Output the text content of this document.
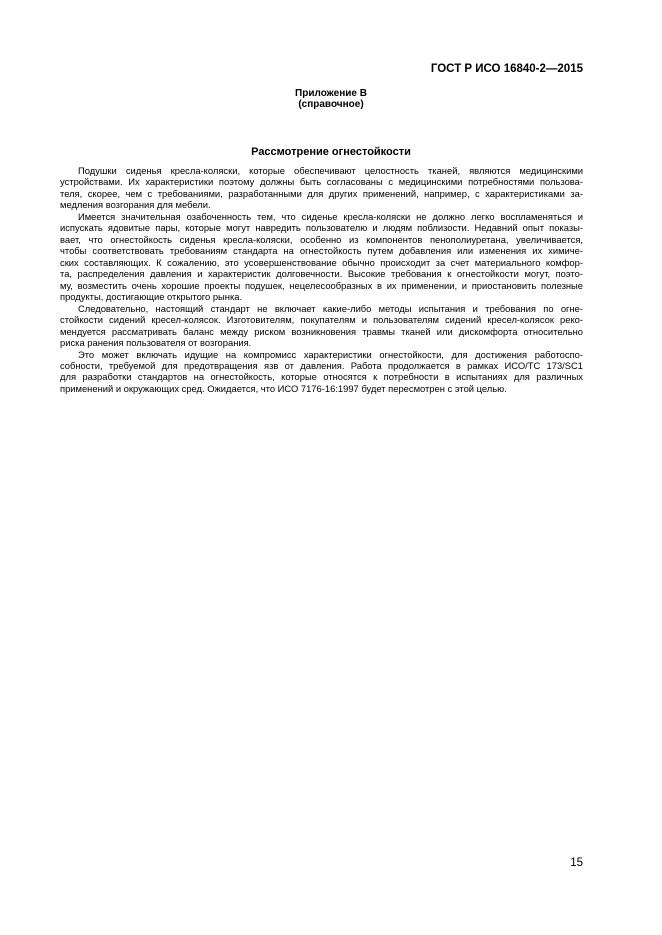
ГОСТ Р ИСО 16840-2—2015
Приложение В
(справочное)
Рассмотрение огнестойкости
Подушки сиденья кресла-коляски, которые обеспечивают целостность тканей, являются медицинскими
устройствами. Их характеристики поэтому должны быть согласованы с медицинскими потребностями пользова-
теля, скорее, чем с требованиями, разработанными для других применений, например, с характеристиками за-
медления возгорания для мебели.
Имеется значительная озабоченность тем, что сиденье кресла-коляски не должно легко воспламеняться и
испускать ядовитые пары, которые могут навредить пользователю и людям поблизости. Недавний опыт показы-
вает, что огнестойкость сиденья кресла-коляски, особенно из компонентов пенополиуретана, увеличивается,
чтобы соответствовать требованиям стандарта на огнестойкость путем добавления или изменения их химиче-
ских составляющих. К сожалению, это усовершенствование обычно происходит за счет материального комфор-
та, распределения давления и характеристик долговечности. Высокие требования к огнестойкости могут, поэто-
му, возместить очень хорошие проекты подушек, нецелесообразных в их применении, и приостановить полезные
продукты, достигающие открытого рынка.
Следовательно, настоящий стандарт не включает какие-либо методы испытания и требования по огне-
стойкости сидений кресел-колясок. Изготовителям, покупателям и пользователям сидений кресел-колясок реко-
мендуется рассматривать баланс между риском возникновения травмы тканей или дискомфорта относительно
риска ранения пользователя от возгорания.
Это может включать идущие на компромисс характеристики огнестойкости, для достижения работоспо-
собности, требуемой для предотвращения язв от давления. Работа продолжается в рамках ИСО/ТС 173/SC1
для разработки стандартов на огнестойкость, которые относятся к потребности в испытаниях для различных
применений и окружающих сред. Ожидается, что ИСО 7176-16:1997 будет пересмотрен с этой целью.
15
